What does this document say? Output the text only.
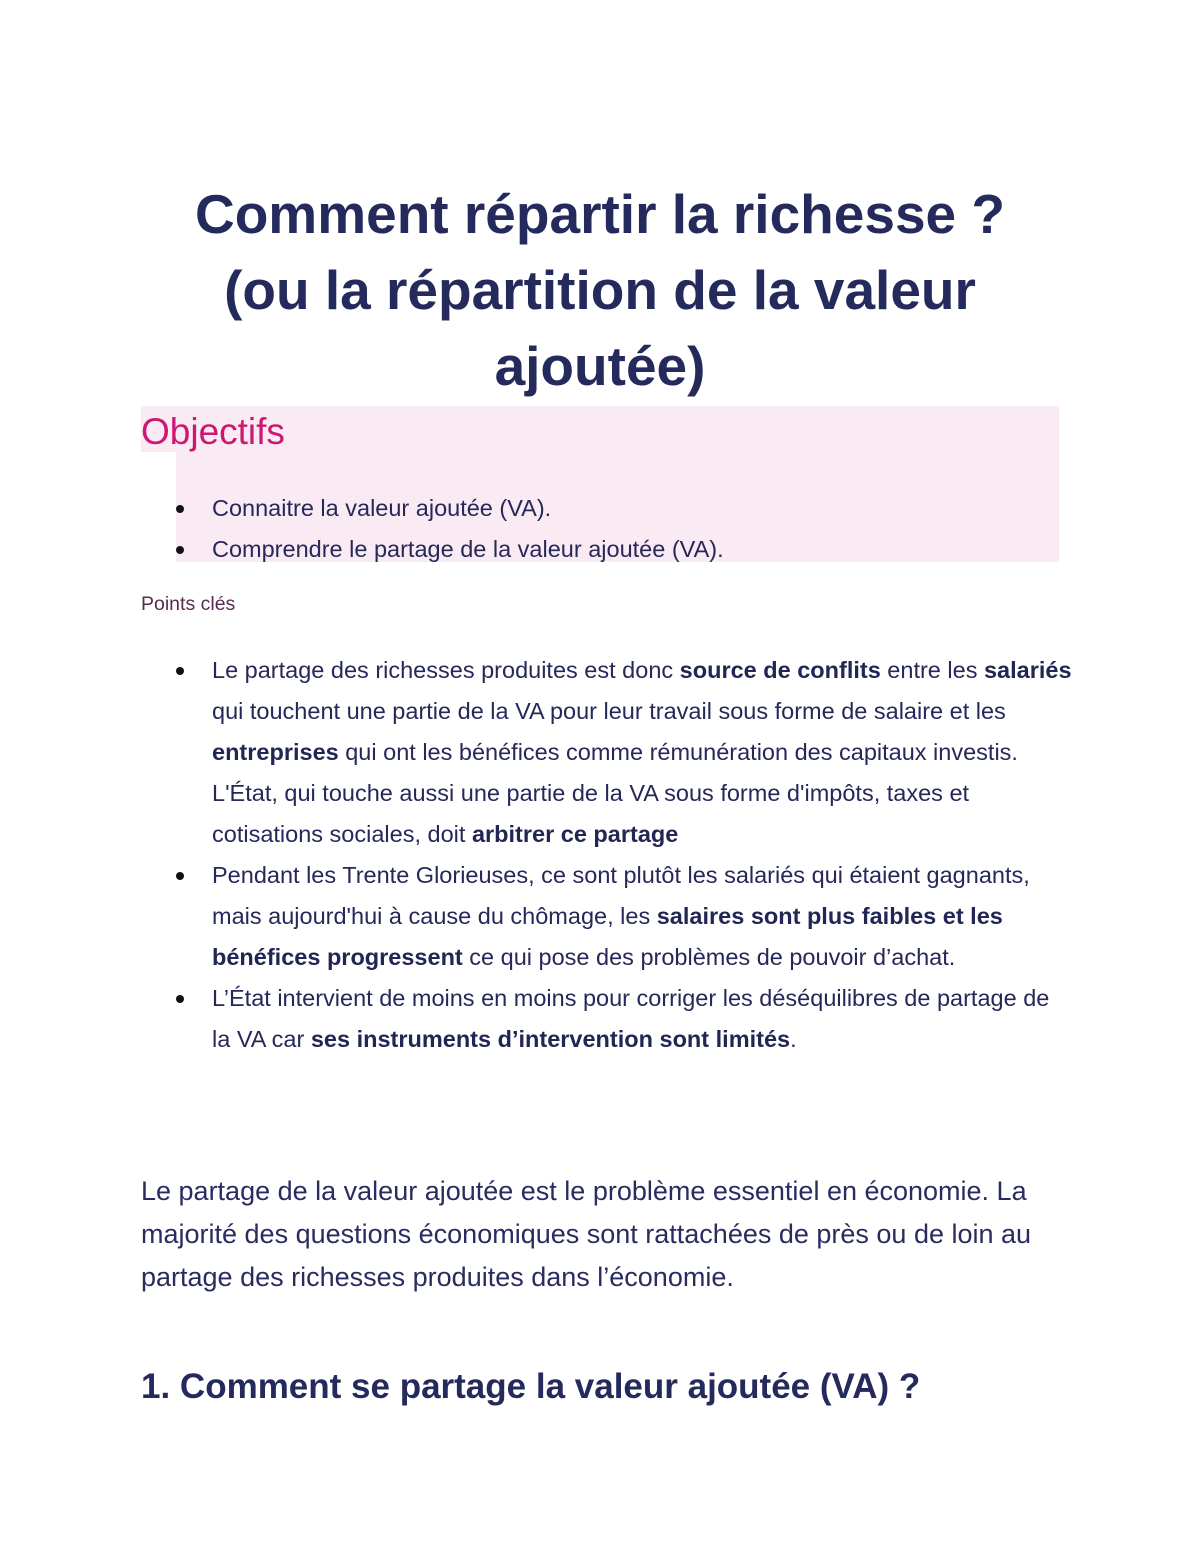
Comment répartir la richesse ?
(ou la répartition de la valeur
ajoutée)
Objectifs
Connaitre la valeur ajoutée (VA).
Comprendre le partage de la valeur ajoutée (VA).
Points clés
Le partage des richesses produites est donc source de conflits entre les salariés qui touchent une partie de la VA pour leur travail sous forme de salaire et les entreprises qui ont les bénéfices comme rémunération des capitaux investis. L'État, qui touche aussi une partie de la VA sous forme d'impôts, taxes et cotisations sociales, doit arbitrer ce partage
Pendant les Trente Glorieuses, ce sont plutôt les salariés qui étaient gagnants, mais aujourd'hui à cause du chômage, les salaires sont plus faibles et les bénéfices progressent ce qui pose des problèmes de pouvoir d’achat.
L’État intervient de moins en moins pour corriger les déséquilibres de partage de la VA car ses instruments d’intervention sont limités.

Le partage de la valeur ajoutée est le problème essentiel en économie. La majorité des questions économiques sont rattachées de près ou de loin au partage des richesses produites dans l’économie.

1. Comment se partage la valeur ajoutée (VA) ?
